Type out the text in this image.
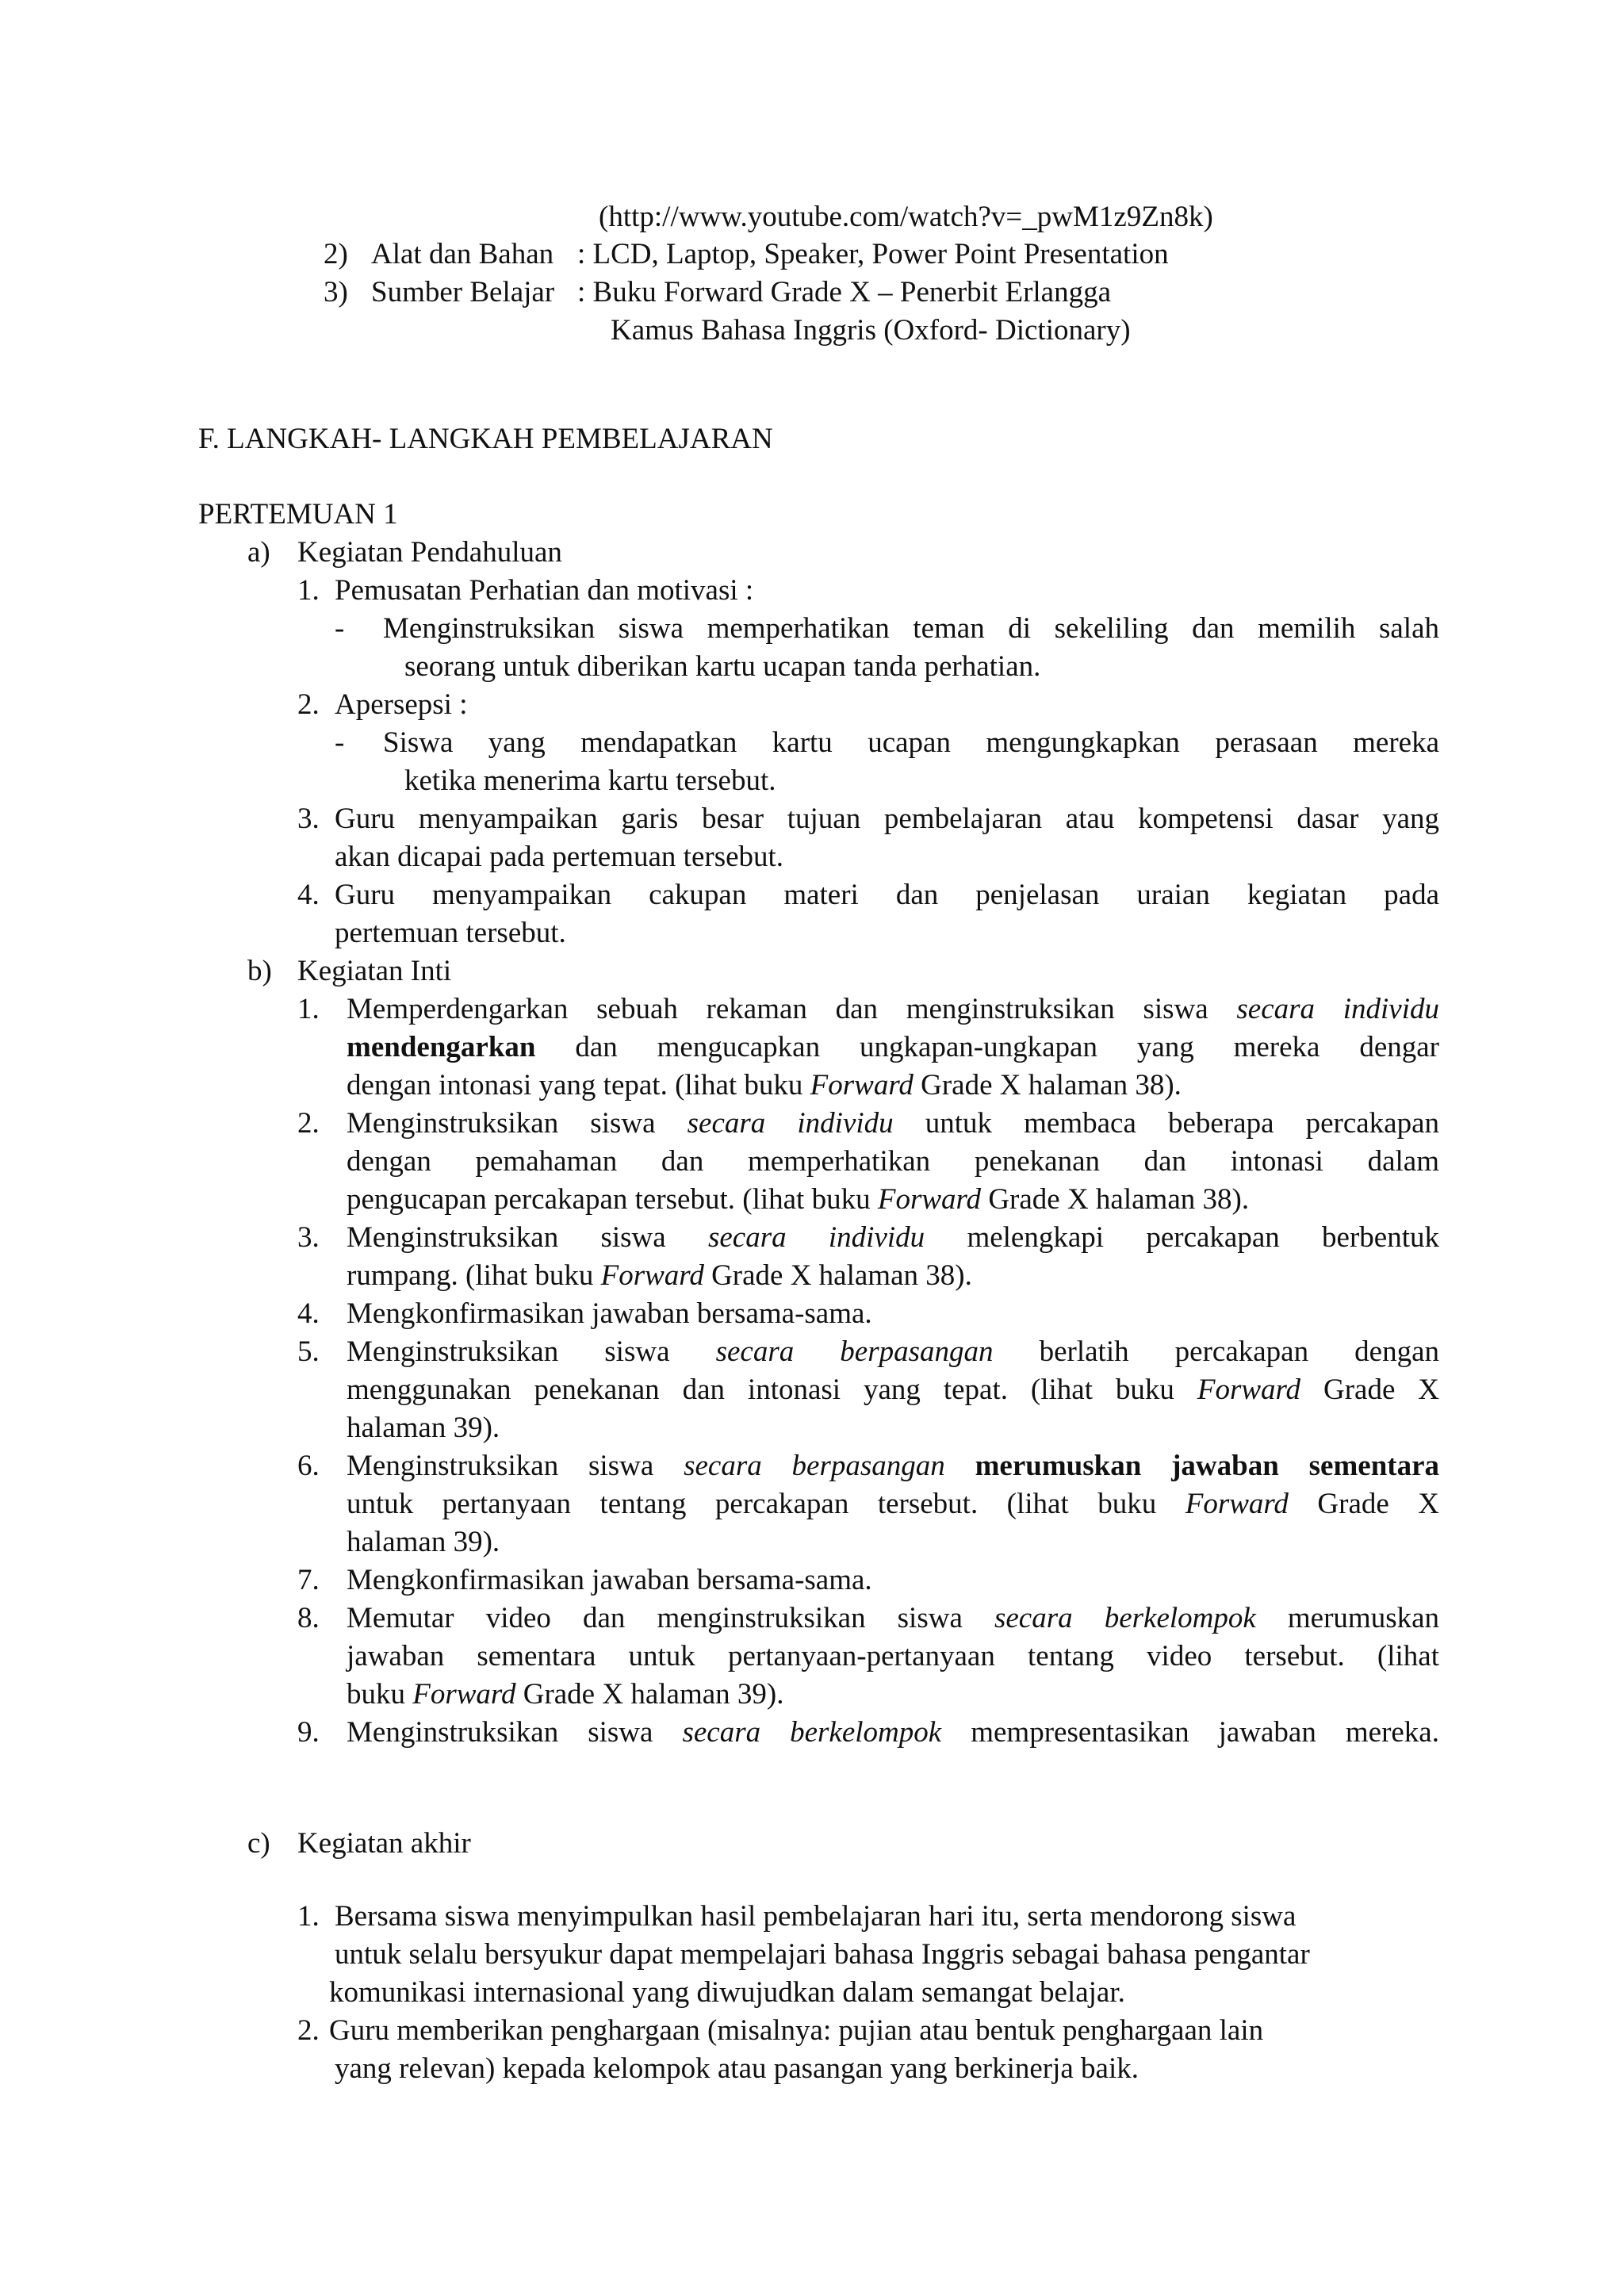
(http://www.youtube.com/watch?v=_pwM1z9Zn8k)
2) Alat dan Bahan : LCD, Laptop, Speaker, Power Point Presentation
3) Sumber Belajar : Buku Forward Grade X – Penerbit Erlangga
Kamus Bahasa Inggris (Oxford- Dictionary)
F. LANGKAH- LANGKAH PEMBELAJARAN
PERTEMUAN 1
a) Kegiatan Pendahuluan
1. Pemusatan Perhatian dan motivasi :
- Menginstruksikan siswa memperhatikan teman di sekeliling dan memilih salah
seorang untuk diberikan kartu ucapan tanda perhatian.
2. Apersepsi :
- Siswa yang mendapatkan kartu ucapan mengungkapkan perasaan mereka
ketika menerima kartu tersebut.
3. Guru menyampaikan garis besar tujuan pembelajaran atau kompetensi dasar yang
akan dicapai pada pertemuan tersebut.
4. Guru menyampaikan cakupan materi dan penjelasan uraian kegiatan pada
pertemuan tersebut.
b) Kegiatan Inti
1. Memperdengarkan sebuah rekaman dan menginstruksikan siswa secara individu
mendengarkan dan mengucapkan ungkapan-ungkapan yang mereka dengar
dengan intonasi yang tepat. (lihat buku Forward Grade X halaman 38).
2. Menginstruksikan siswa secara individu untuk membaca beberapa percakapan
dengan pemahaman dan memperhatikan penekanan dan intonasi dalam
pengucapan percakapan tersebut. (lihat buku Forward Grade X halaman 38).
3. Menginstruksikan siswa secara individu melengkapi percakapan berbentuk
rumpang. (lihat buku Forward Grade X halaman 38).
4. Mengkonfirmasikan jawaban bersama-sama.
5. Menginstruksikan siswa secara berpasangan berlatih percakapan dengan
menggunakan penekanan dan intonasi yang tepat. (lihat buku Forward Grade X
halaman 39).
6. Menginstruksikan siswa secara berpasangan merumuskan jawaban sementara
untuk pertanyaan tentang percakapan tersebut. (lihat buku Forward Grade X
halaman 39).
7. Mengkonfirmasikan jawaban bersama-sama.
8. Memutar video dan menginstruksikan siswa secara berkelompok merumuskan
jawaban sementara untuk pertanyaan-pertanyaan tentang video tersebut. (lihat
buku Forward Grade X halaman 39).
9. Menginstruksikan siswa secara berkelompok mempresentasikan jawaban mereka.
c) Kegiatan akhir
1. Bersama siswa menyimpulkan hasil pembelajaran hari itu, serta mendorong siswa
untuk selalu bersyukur dapat mempelajari bahasa Inggris sebagai bahasa pengantar
komunikasi internasional yang diwujudkan dalam semangat belajar.
2. Guru memberikan penghargaan (misalnya: pujian atau bentuk penghargaan lain
yang relevan) kepada kelompok atau pasangan yang berkinerja baik.
